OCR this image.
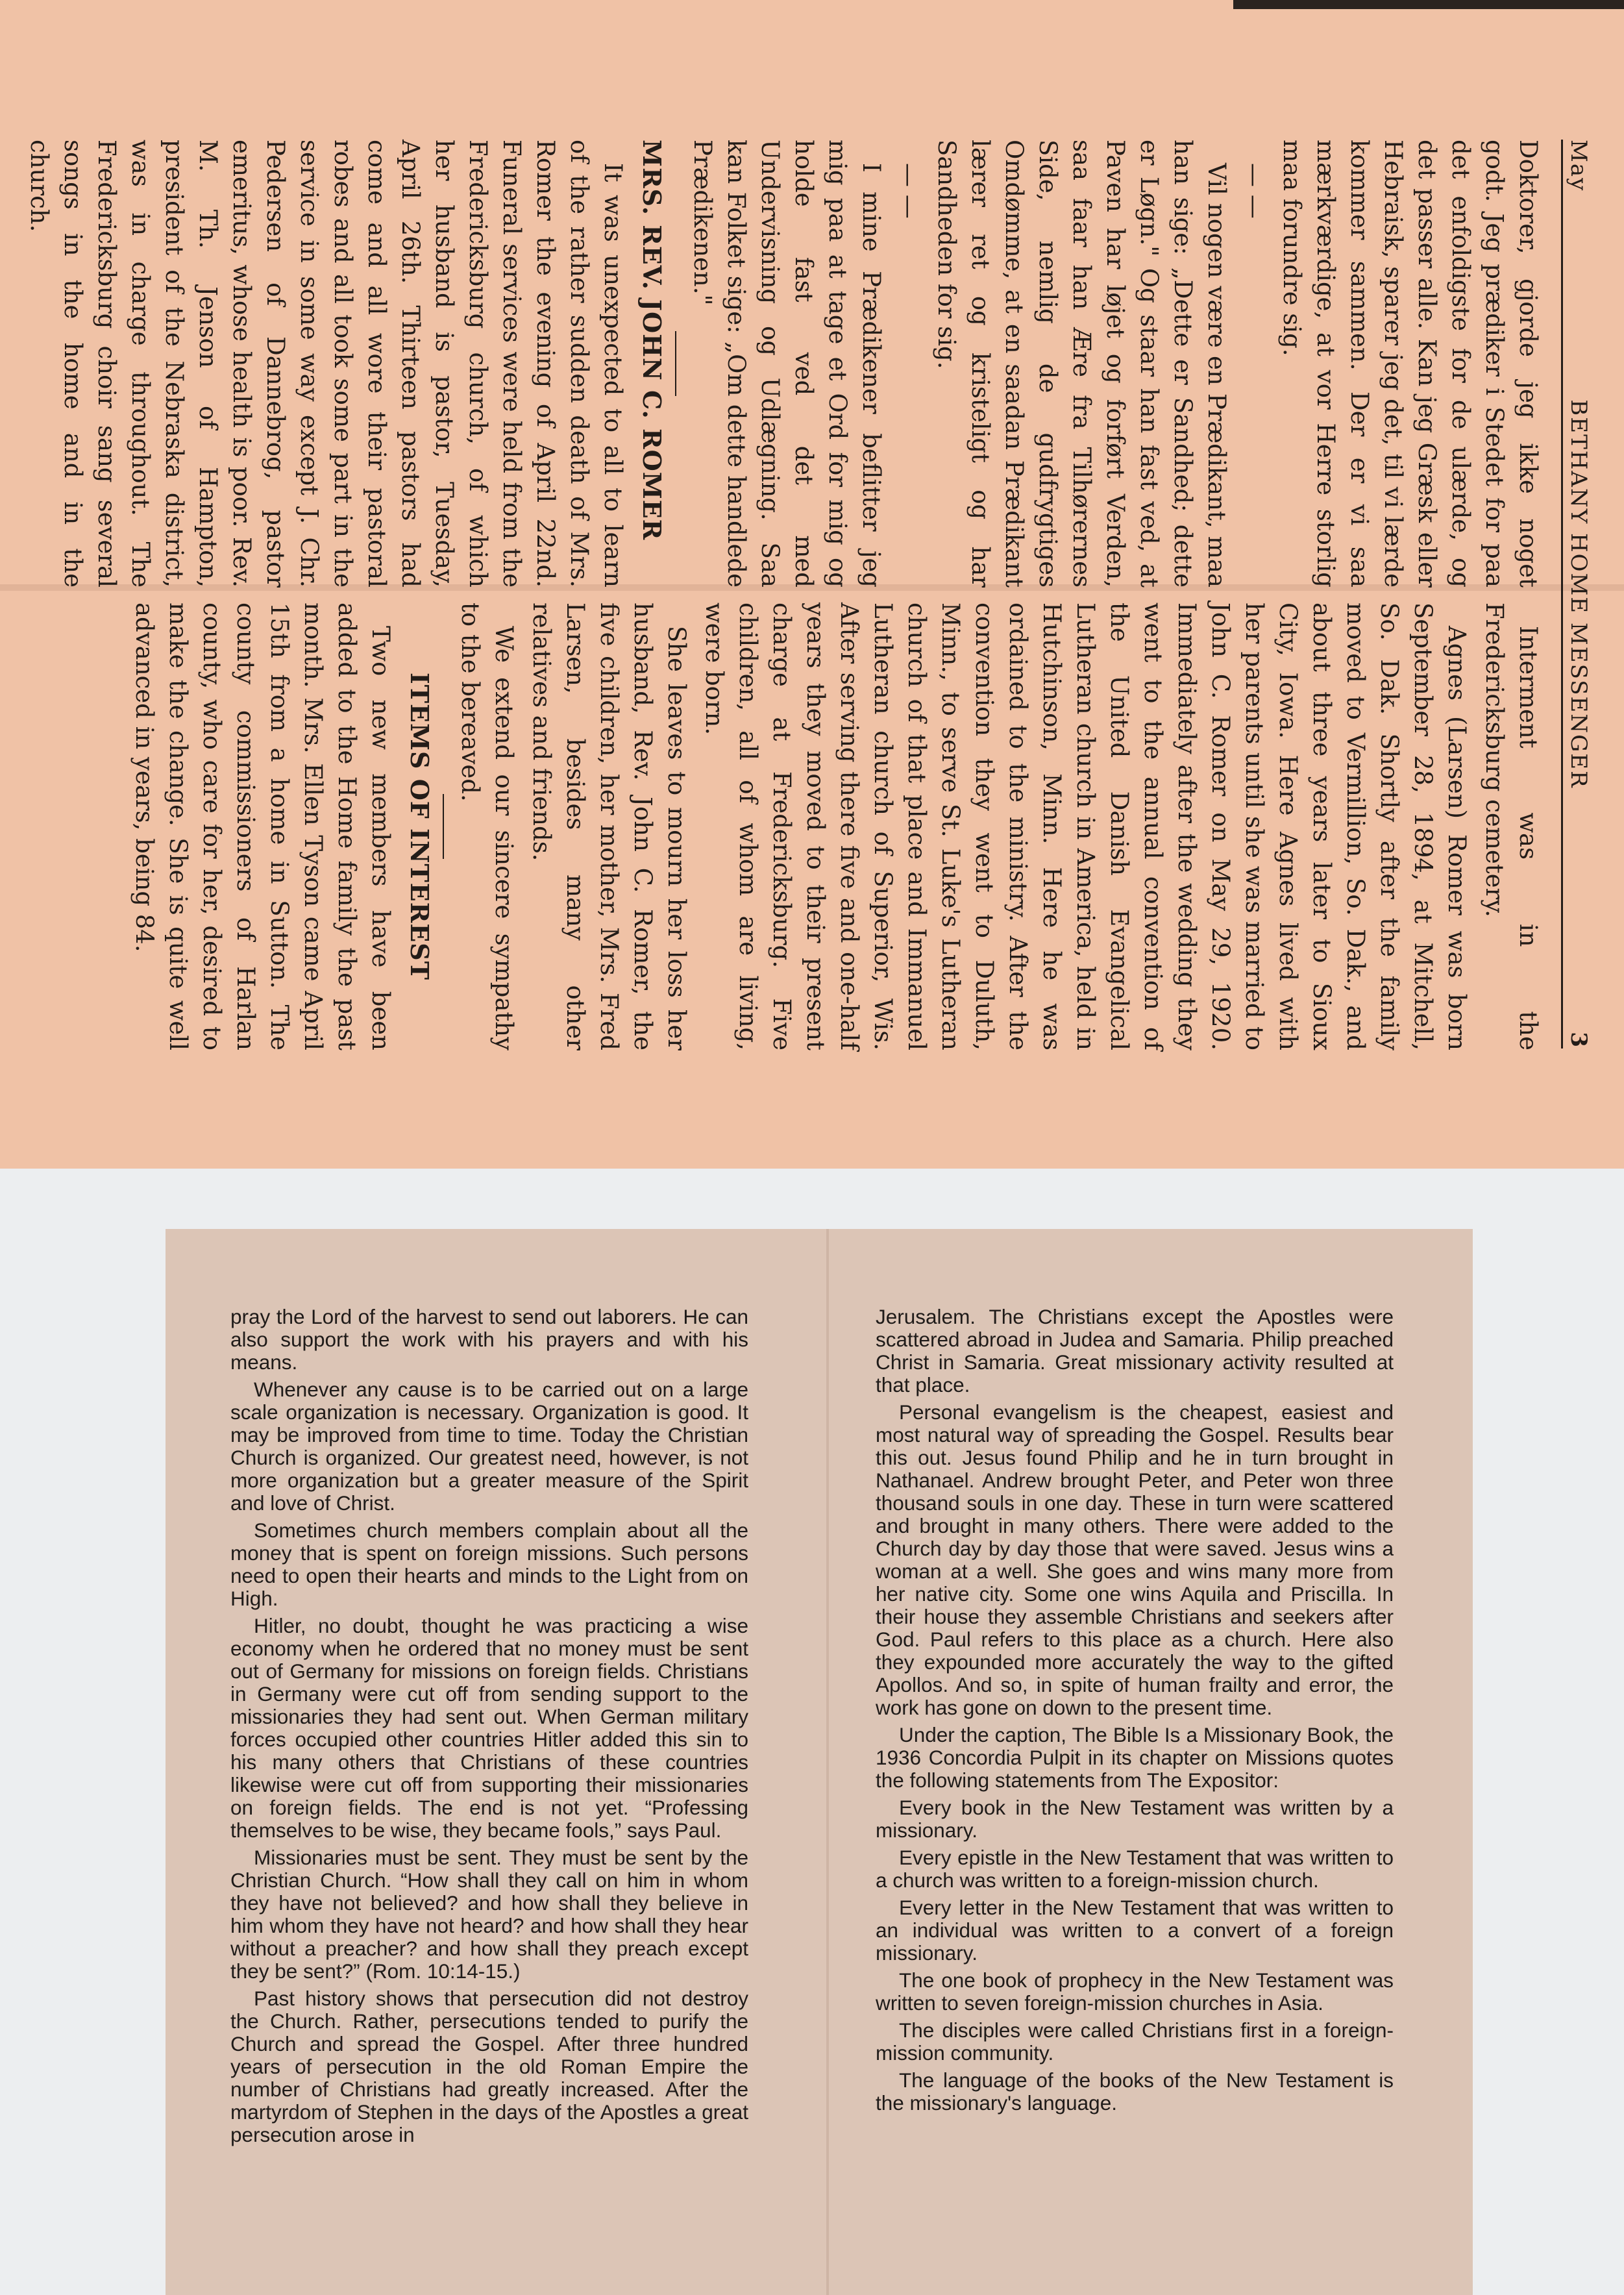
May
BETHANY HOME MESSENGER
3

Doktorer, gjorde jeg ikke noget godt. Jeg prædiker i Stedet for paa det enfoldigste for de ulærde, og det passer alle. Kan jeg Græsk eller Hebraisk, sparer jeg det, til vi lærde kommer sammen. Der er vi saa mærkværdige, at vor Herre storlig maa forundre sig.

— —

Vil nogen være en Prædikant, maa han sige: „Dette er Sandhed; dette er Løgn." Og staar han fast ved, at Paven har løjet og forført Verden, saa faar han Ære fra Tilhørernes Side, nemlig de gudfrygtiges Omdømme, at en saadan Prædikant lærer ret og kristeligt og har Sandheden for sig.

— —

I mine Prædikener beflitter jeg mig paa at tage et Ord for mig og holde fast ved det med Undervisning og Udlægning. Saa kan Folket sige: „Om dette handlede Prædikenen."

MRS. REV. JOHN C. ROMER

It was unexpected to all to learn of the rather sudden death of Mrs. Romer the evening of April 22nd. Funeral services were held from the Fredericksburg church, of which her husband is pastor, Tuesday, April 26th. Thirteen pastors had come and all wore their pastoral robes and all took some part in the service in some way except J. Chr. Pedersen of Dannebrog, pastor emeritus, whose health is poor. Rev. M. Th. Jenson of Hampton, president of the Nebraska district, was in charge throughout. The Fredericksburg choir sang several songs in the home and in the church.

Interment was in the Fredericksburg cemetery.

Agnes (Larsen) Romer was born September 28, 1894, at Mitchell, So. Dak. Shortly after the family moved to Vermillion, So. Dak., and about three years later to Sioux City, Iowa. Here Agnes lived with her parents until she was married to John C. Romer on May 29, 1920. Immediately after the wedding they went to the annual convention of the United Danish Evangelical Lutheran church in America, held in Hutchinson, Minn. Here he was ordained to the ministry. After the convention they went to Duluth, Minn., to serve St. Luke's Lutheran church of that place and Immanuel Lutheran church of Superior, Wis. After serving there five and one-half years they moved to their present charge at Fredericksburg. Five children, all of whom are living, were born.

She leaves to mourn her loss her husband, Rev. John C. Romer, the five children, her mother, Mrs. Fred Larsen, besides many other relatives and friends.

We extend our sincere sympathy to the bereaved.

ITEMS OF INTEREST

Two new members have been added to the Home family the past month. Mrs. Ellen Tyson came April 15th from a home in Sutton. The county commissioners of Harlan county, who care for her, desired to make the change. She is quite well advanced in years, being 84.

pray the Lord of the harvest to send out laborers. He can also support the work with his prayers and with his means.

Whenever any cause is to be carried out on a large scale organization is necessary. Organization is good. It may be improved from time to time. Today the Christian Church is organized. Our greatest need, however, is not more organization but a greater measure of the Spirit and love of Christ.

Sometimes church members complain about all the money that is spent on foreign missions. Such persons need to open their hearts and minds to the Light from on High.

Hitler, no doubt, thought he was practicing a wise economy when he ordered that no money must be sent out of Germany for missions on foreign fields. Christians in Germany were cut off from sending support to the missionaries they had sent out. When German military forces occupied other countries Hitler added this sin to his many others that Christians of these countries likewise were cut off from supporting their missionaries on foreign fields. The end is not yet. “Professing themselves to be wise, they became fools,” says Paul.

Missionaries must be sent. They must be sent by the Christian Church. “How shall they call on him in whom they have not believed? and how shall they believe in him whom they have not heard? and how shall they hear without a preacher? and how shall they preach except they be sent?” (Rom. 10:14-15.)

Past history shows that persecution did not destroy the Church. Rather, persecutions tended to purify the Church and spread the Gospel. After three hundred years of persecution in the old Roman Empire the number of Christians had greatly increased. After the martyrdom of Stephen in the days of the Apostles a great persecution arose in

Jerusalem. The Christians except the Apostles were scattered abroad in Judea and Samaria. Philip preached Christ in Samaria. Great missionary activity resulted at that place.

Personal evangelism is the cheapest, easiest and most natural way of spreading the Gospel. Results bear this out. Jesus found Philip and he in turn brought in Nathanael. Andrew brought Peter, and Peter won three thousand souls in one day. These in turn were scattered and brought in many others. There were added to the Church day by day those that were saved. Jesus wins a woman at a well. She goes and wins many more from her native city. Some one wins Aquila and Priscilla. In their house they assemble Christians and seekers after God. Paul refers to this place as a church. Here also they expounded more accurately the way to the gifted Apollos. And so, in spite of human frailty and error, the work has gone on down to the present time.

Under the caption, The Bible Is a Missionary Book, the 1936 Concordia Pulpit in its chapter on Missions quotes the following statements from The Expositor:

Every book in the New Testament was written by a missionary.

Every epistle in the New Testament that was written to a church was written to a foreign-mission church.

Every letter in the New Testament that was written to an individual was written to a convert of a foreign missionary.

The one book of prophecy in the New Testament was written to seven foreign-mission churches in Asia.

The disciples were called Christians first in a foreign-mission community.

The language of the books of the New Testament is the missionary's language.
